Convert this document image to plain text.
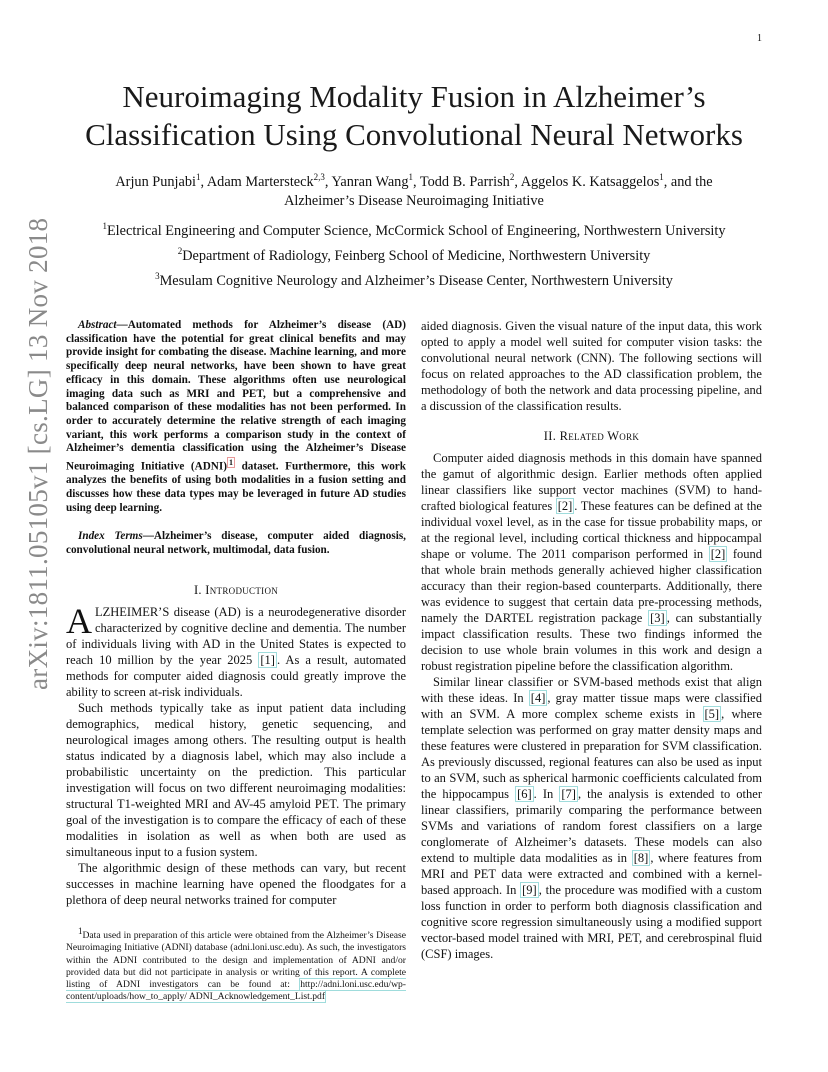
1
arXiv:1811.05105v1 [cs.LG] 13 Nov 2018
Neuroimaging Modality Fusion in Alzheimer’s
Classification Using Convolutional Neural Networks
Arjun Punjabi$^1$, Adam Martersteck$^{2,3}$, Yanran Wang$^1$, Todd B. Parrish$^2$, Aggelos K. Katsaggelos$^1$, and the
Alzheimer’s Disease Neuroimaging Initiative
$^1$Electrical Engineering and Computer Science, McCormick School of Engineering, Northwestern University
$^2$Department of Radiology, Feinberg School of Medicine, Northwestern University
$^3$Mesulam Cognitive Neurology and Alzheimer’s Disease Center, Northwestern University

Abstract—Automated methods for Alzheimer’s disease (AD) classification have the potential for great clinical benefits and may provide insight for combating the disease. Machine learning, and more specifically deep neural networks, have been shown to have great efficacy in this domain. These algorithms often use neurological imaging data such as MRI and PET, but a comprehensive and balanced comparison of these modalities has not been performed. In order to accurately determine the relative strength of each imaging variant, this work performs a comparison study in the context of Alzheimer’s dementia classification using the Alzheimer’s Disease Neuroimaging Initiative (ADNI) $^1$ dataset. Furthermore, this work analyzes the benefits of using both modalities in a fusion setting and discusses how these data types may be leveraged in future AD studies using deep learning.

Index Terms—Alzheimer’s disease, computer aided diagnosis, convolutional neural network, multimodal, data fusion.

I. Introduction

ALZHEIMER’S disease (AD) is a neurodegenerative disorder characterized by cognitive decline and dementia. The number of individuals living with AD in the United States is expected to reach 10 million by the year 2025 [1] . As a result, automated methods for computer aided diagnosis could greatly improve the ability to screen at-risk individuals.

Such methods typically take as input patient data including demographics, medical history, genetic sequencing, and neurological images among others. The resulting output is health status indicated by a diagnosis label, which may also include a probabilistic uncertainty on the prediction. This particular investigation will focus on two different neuroimaging modalities: structural T1-weighted MRI and AV-45 amyloid PET. The primary goal of the investigation is to compare the efficacy of each of these modalities in isolation as well as when both are used as simultaneous input to a fusion system.

The algorithmic design of these methods can vary, but recent successes in machine learning have opened the floodgates for a plethora of deep neural networks trained for computer

$^1$Data used in preparation of this article were obtained from the Alzheimer’s Disease Neuroimaging Initiative (ADNI) database (adni.loni.usc.edu). As such, the investigators within the ADNI contributed to the design and implementation of ADNI and/or provided data but did not participate in analysis or writing of this report. A complete listing of ADNI investigators can be found at: http://adni.loni.usc.edu/wp-content/uploads/how_to_apply/ ADNI_Acknowledgement_List.pdf

aided diagnosis. Given the visual nature of the input data, this work opted to apply a model well suited for computer vision tasks: the convolutional neural network (CNN). The following sections will focus on related approaches to the AD classification problem, the methodology of both the network and data processing pipeline, and a discussion of the classification results.

II. Related Work

Computer aided diagnosis methods in this domain have spanned the gamut of algorithmic design. Earlier methods often applied linear classifiers like support vector machines (SVM) to hand-crafted biological features [2] . These features can be defined at the individual voxel level, as in the case for tissue probability maps, or at the regional level, including cortical thickness and hippocampal shape or volume. The 2011 comparison performed in [2] found that whole brain methods generally achieved higher classification accuracy than their region-based counterparts. Additionally, there was evidence to suggest that certain data pre-processing methods, namely the DARTEL registration package [3] , can substantially impact classification results. These two findings informed the decision to use whole brain volumes in this work and design a robust registration pipeline before the classification algorithm.

Similar linear classifier or SVM-based methods exist that align with these ideas. In [4] , gray matter tissue maps were classified with an SVM. A more complex scheme exists in [5] , where template selection was performed on gray matter density maps and these features were clustered in preparation for SVM classification. As previously discussed, regional features can also be used as input to an SVM, such as spherical harmonic coefficients calculated from the hippocampus [6] . In [7] , the analysis is extended to other linear classifiers, primarily comparing the performance between SVMs and variations of random forest classifiers on a large conglomerate of Alzheimer’s datasets. These models can also extend to multiple data modalities as in [8] , where features from MRI and PET data were extracted and combined with a kernel-based approach. In [9] , the procedure was modified with a custom loss function in order to perform both diagnosis classification and cognitive score regression simultaneously using a modified support vector-based model trained with MRI, PET, and cerebrospinal fluid (CSF) images.
